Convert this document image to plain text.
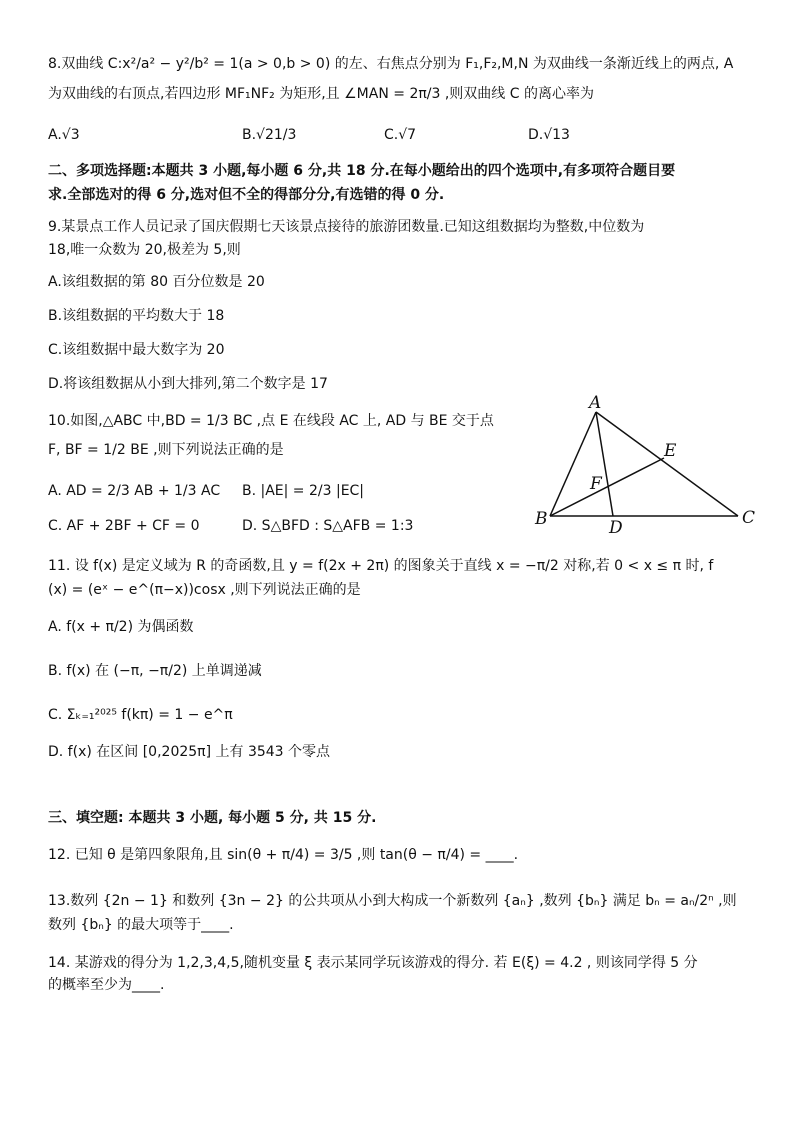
8.双曲线 C:x²/a² − y²/b² = 1(a > 0,b > 0) 的左、右焦点分别为 F₁,F₂,M,N 为双曲线一条渐近线上的两点, A
为双曲线的右顶点,若四边形 MF₁NF₂ 为矩形,且 ∠MAN = 2π/3 ,则双曲线 C 的离心率为
A.√3	B.√21/3	C.√7	D.√13
二、多项选择题:本题共 3 小题,每小题 6 分,共 18 分.在每小题给出的四个选项中,有多项符合题目要
求.全部选对的得 6 分,选对但不全的得部分分,有选错的得 0 分.
9.某景点工作人员记录了国庆假期七天该景点接待的旅游团数量.已知这组数据均为整数,中位数为
18,唯一众数为 20,极差为 5,则
A.该组数据的第 80 百分位数是 20
B.该组数据的平均数大于 18
C.该组数据中最大数字为 20
D.将该组数据从小到大排列,第二个数字是 17
10.如图,△ABC 中,BD = 1/3 BC ,点 E 在线段 AC 上, AD 与 BE 交于点
F, BF = 1/2 BE ,则下列说法正确的是
A. AD = 2/3 AB + 1/3 AC B. |AE| = 2/3 |EC|
C. AF + 2BF + CF = 0	D. S△BFD : S△AFB = 1:3
A
B	C
D
E
F
11. 设 f(x) 是定义域为 R 的奇函数,且 y = f(2x + 2π) 的图象关于直线 x = −π/2 对称,若 0 < x ≤ π 时, f
(x) = (eˣ − e^(π−x))cosx ,则下列说法正确的是
A. f(x + π/2) 为偶函数
B. f(x) 在 (−π, −π/2) 上单调递减
C. Σₖ₌₁²⁰²⁵ f(kπ) = 1 − e^π
D. f(x) 在区间 [0,2025π] 上有 3543 个零点
三、填空题: 本题共 3 小题, 每小题 5 分, 共 15 分.
12. 已知 θ 是第四象限角,且 sin(θ + π/4) = 3/5 ,则 tan(θ − π/4) = ____.
13.数列 {2n − 1} 和数列 {3n − 2} 的公共项从小到大构成一个新数列 {aₙ} ,数列 {bₙ} 满足 bₙ = aₙ/2ⁿ ,则
数列 {bₙ} 的最大项等于____.
14. 某游戏的得分为 1,2,3,4,5,随机变量 ξ 表示某同学玩该游戏的得分. 若 E(ξ) = 4.2 , 则该同学得 5 分
的概率至少为____.
